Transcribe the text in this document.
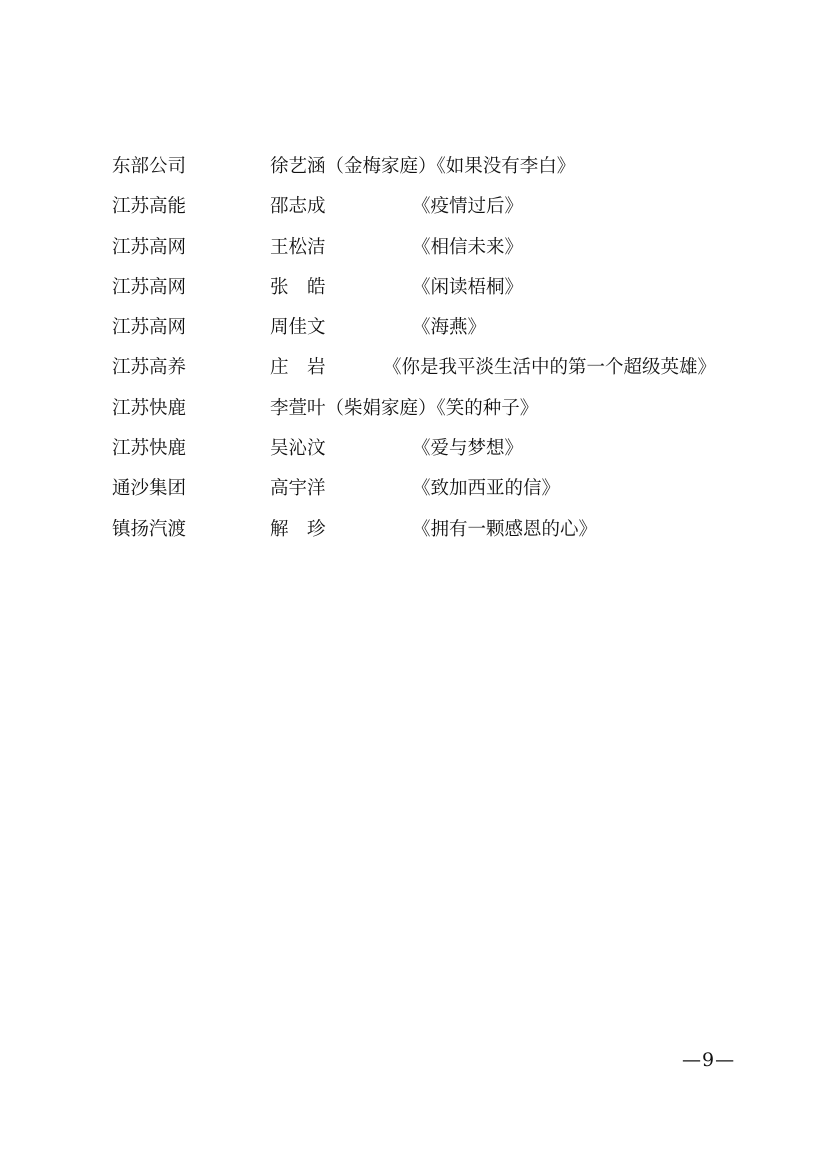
东部公司	徐艺涵（金梅家庭）《如果没有李白》
江苏高能	邵志成	《疫情过后》
江苏高网	王松洁	《相信未来》
江苏高网	张　皓	《闲读梧桐》
江苏高网	周佳文	《海燕》
江苏高养	庄　岩	《你是我平淡生活中的第一个超级英雄》
江苏快鹿	李萱叶（柴娟家庭）《笑的种子》
江苏快鹿	吴沁汶	《爱与梦想》
通沙集团	高宇洋	《致加西亚的信》
镇扬汽渡	解　珍	《拥有一颗感恩的心》
—9—
